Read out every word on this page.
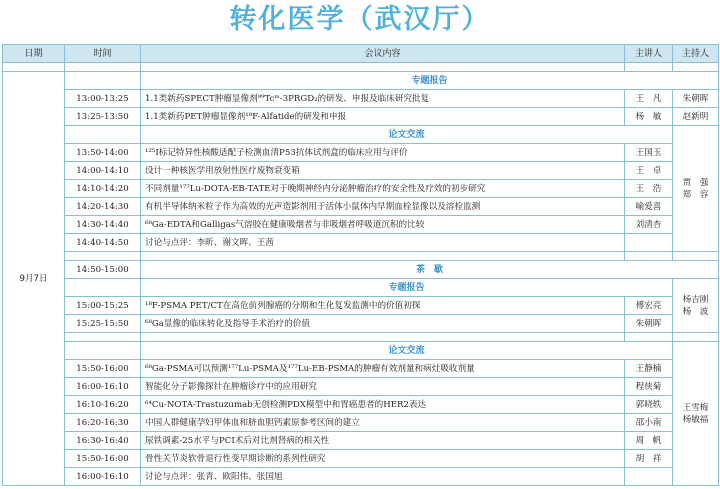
转化医学（武汉厅）
日期	时间	会议内容	主讲人	主持人

9月7日		专题报告		
	13:00-13:25	1.1类新药SPECT肿瘤显像剂⁹⁹Tcᵐ-3PRGD₂的研发、申报及临床研究批复	王　凡	朱朝晖
	13:25-13:50	1.1类新药PET肿瘤显像剂¹⁸F-Alfatide的研发和申报	杨　敏	赵新明
		论文交流		贾　强
郑　容

	13:50-14:00	¹²⁵I标记特异性核酸适配子检测血清P53抗体试剂盒的临床应用与评价	王国玉	
	14:00-14:10	设计一种核医学用放射性医疗废物衰变箱	王　卓	
	14:10-14:20	不同剂量¹⁷⁷Lu-DOTA-EB-TATE对于晚期神经内分泌肿瘤治疗的安全性及疗效的初步研究	王　浩	
	14:20-14:30	有机半导体纳米粒子作为高效的光声造影剂用于活体小鼠体内早期血栓显像以及溶栓监测	喻爱喜	
	14:30-14:40	⁶⁸Ga-EDTA和Galligas气溶胶在健康吸烟者与非吸烟者呼吸道沉积的比较	刘清杏	
	14:40-14:50	讨论与点评：李昕、谢文晖、王茜		

	14:50-15:00	茶　歇		
		专题报告		杨吉刚
杨　波

	15:00-15:25	¹⁸F-PSMA PET/CT在高危前列腺癌的分期和生化复发监测中的价值初探	傅宏亮	
	15:25-15:50	⁶⁸Ga显像的临床转化及指导手术治疗的价值	朱朝晖	

		论文交流		王雪梅
杨敏福

	15:50-16:00	⁶⁸Ga-PSMA可以预测¹⁷⁷Lu-PSMA及¹⁷⁷Lu-EB-PSMA的肿瘤有效剂量和病灶吸收剂量	王静楠	
	16:00-16:10	智能化分子影像探针在肿瘤诊疗中的应用研究	程侠菊	
	16:10-16:20	⁶⁴Cu-NOTA-Trastuzumab无创检测PDX模型中和胃癌患者的HER2表达	郭晓轶	
	16:20-16:30	中国人群健康孕妇甲体血和脐血胆钙素原参考区间的建立	邵小南	
	16:30-16:40	尿铁调素-25水平与PCI术后对比剂肾病的相关性	周　帆	
	15:50-16:00	骨性关节炎软骨退行性变早期诊断的系列性研究	胡　祥	
	16:00-16:10	讨论与点评：张青、欧阳伟、张国旭		
